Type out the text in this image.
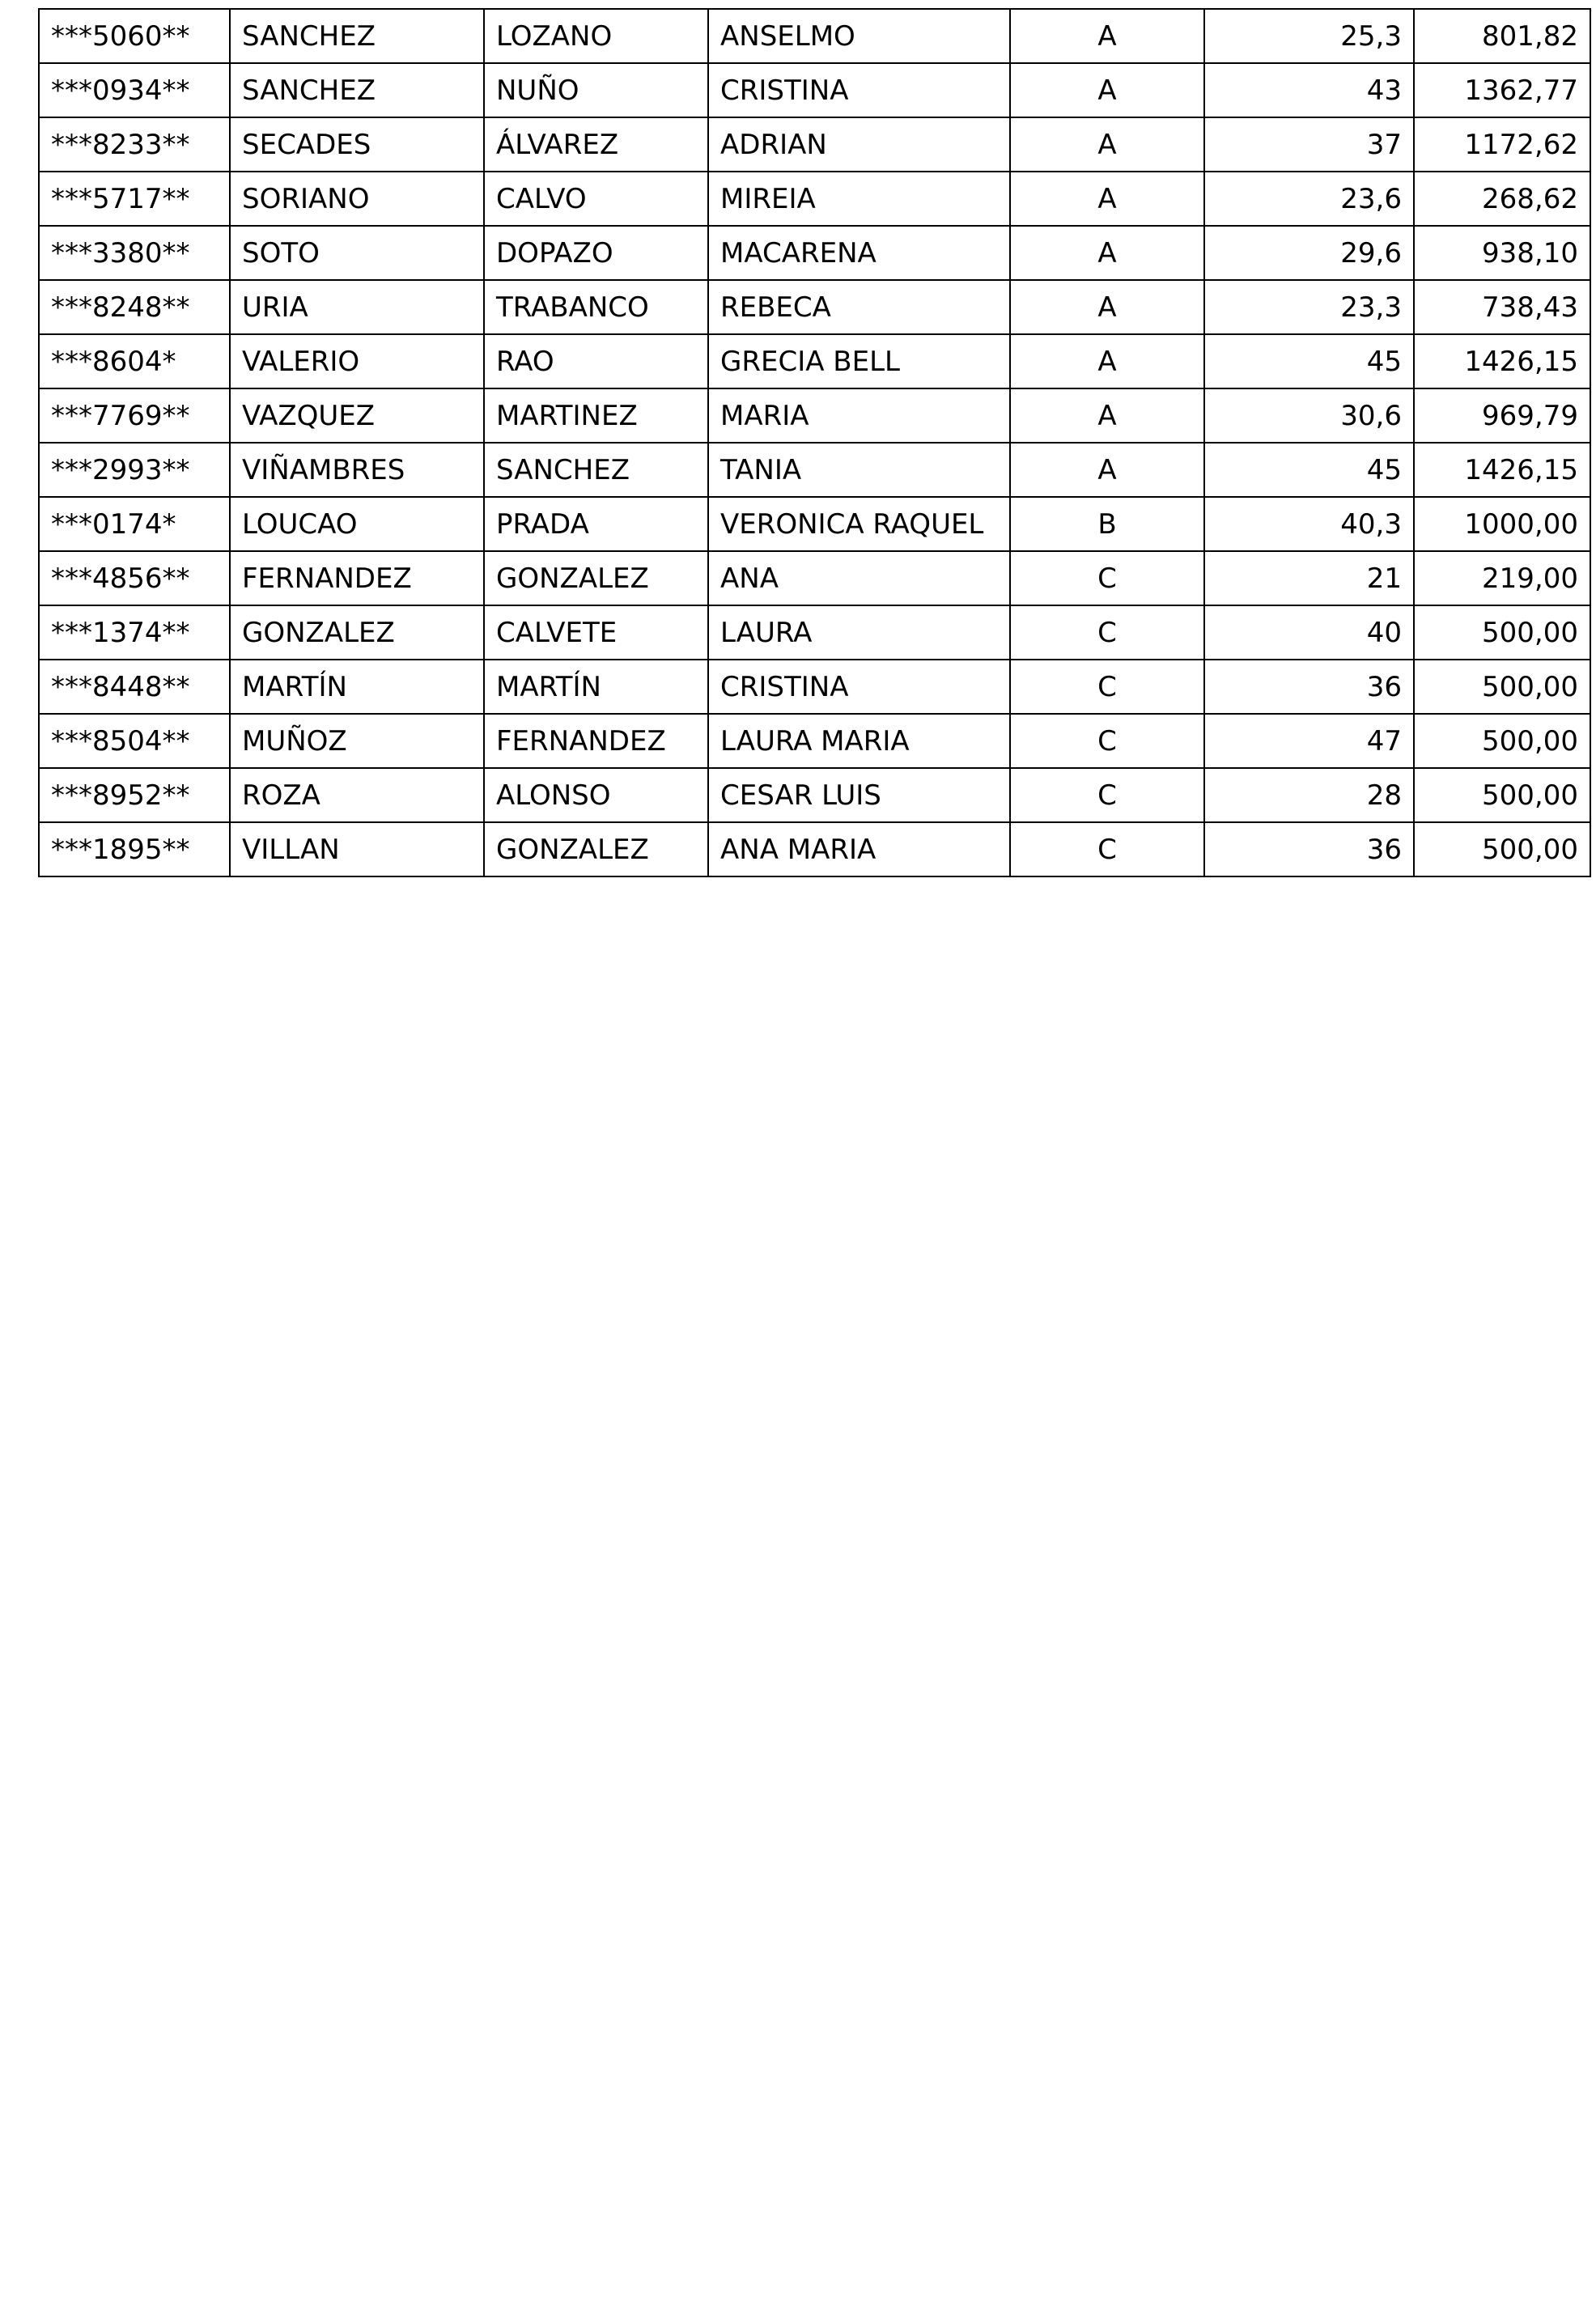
***5060**	SANCHEZ	LOZANO	ANSELMO	A	25,3	801,82
***0934**	SANCHEZ	NUÑO	CRISTINA	A	43	1362,77
***8233**	SECADES	ÁLVAREZ	ADRIAN	A	37	1172,62
***5717**	SORIANO	CALVO	MIREIA	A	23,6	268,62
***3380**	SOTO	DOPAZO	MACARENA	A	29,6	938,10
***8248**	URIA	TRABANCO	REBECA	A	23,3	738,43
***8604*	VALERIO	RAO	GRECIA BELL	A	45	1426,15
***7769**	VAZQUEZ	MARTINEZ	MARIA	A	30,6	969,79
***2993**	VIÑAMBRES	SANCHEZ	TANIA	A	45	1426,15
***0174*	LOUCAO	PRADA	VERONICA RAQUEL	B	40,3	1000,00
***4856**	FERNANDEZ	GONZALEZ	ANA	C	21	219,00
***1374**	GONZALEZ	CALVETE	LAURA	C	40	500,00
***8448**	MARTÍN	MARTÍN	CRISTINA	C	36	500,00
***8504**	MUÑOZ	FERNANDEZ	LAURA MARIA	C	47	500,00
***8952**	ROZA	ALONSO	CESAR LUIS	C	28	500,00
***1895**	VILLAN	GONZALEZ	ANA MARIA	C	36	500,00
